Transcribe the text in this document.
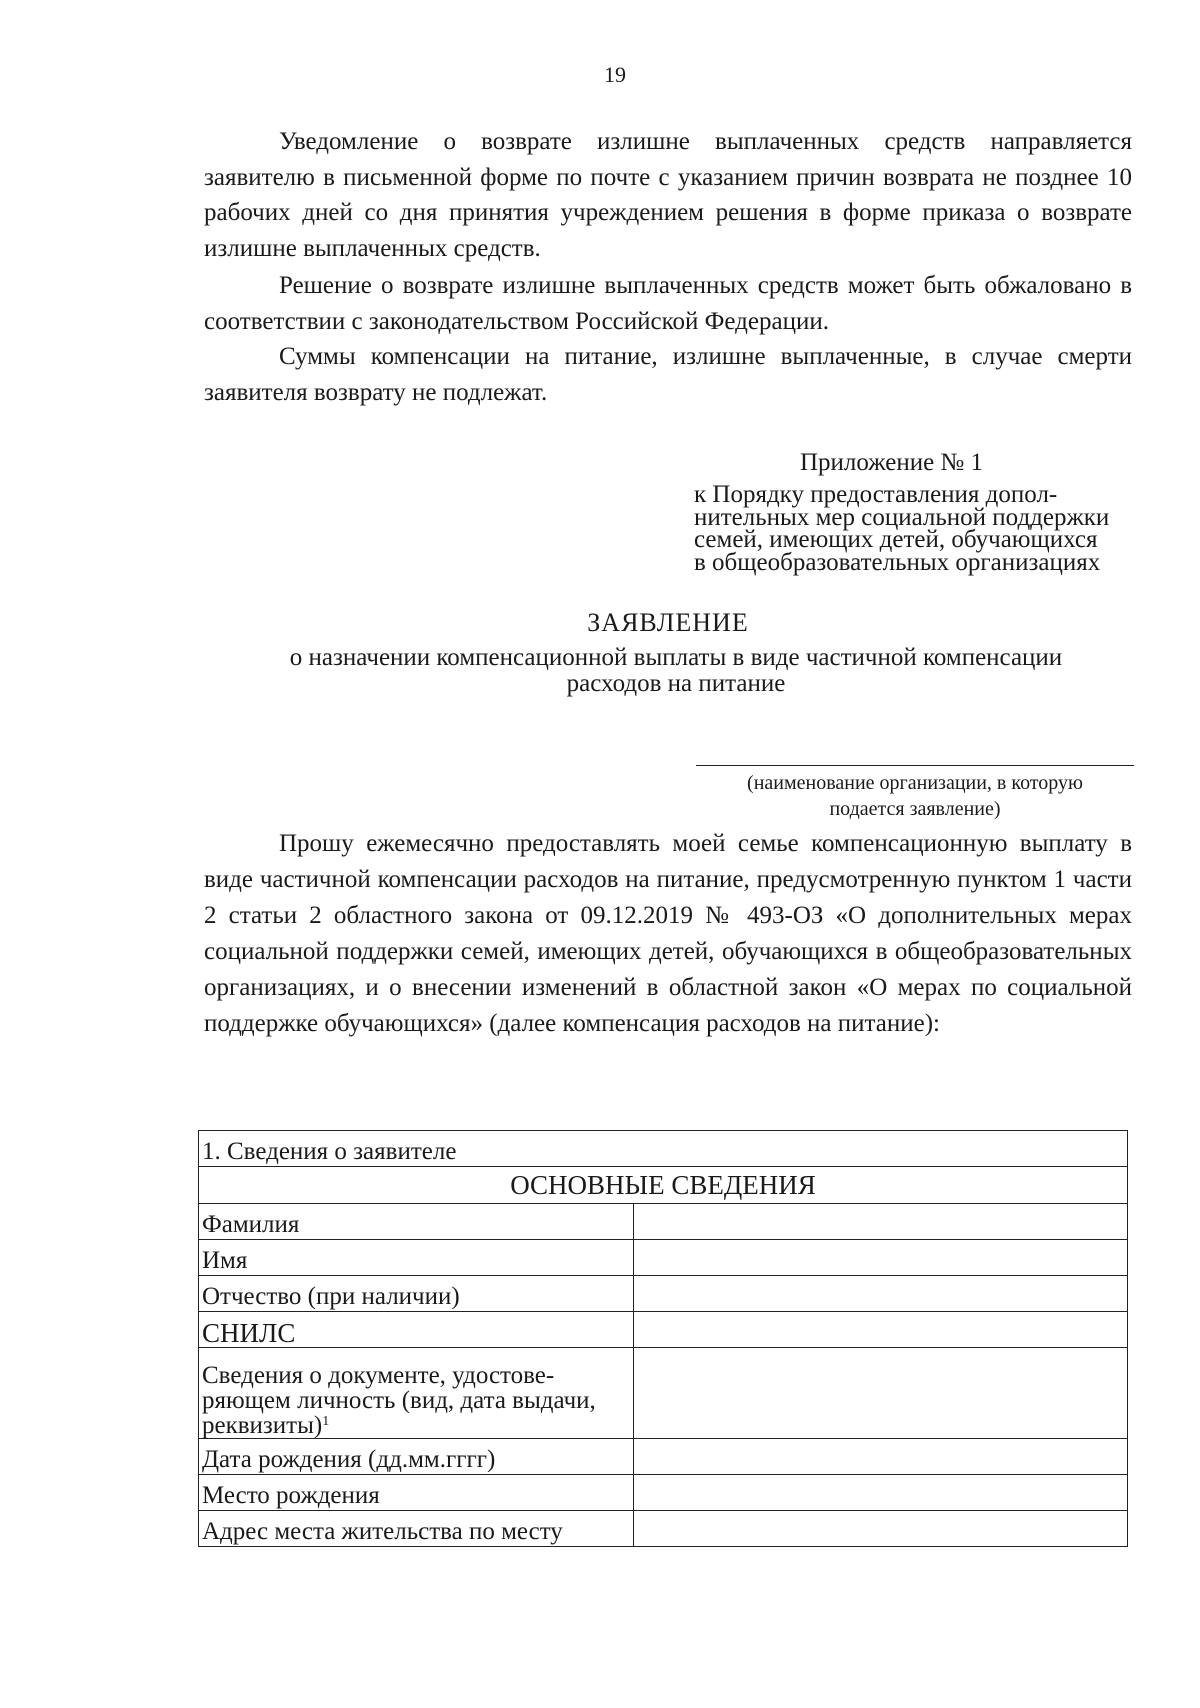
19

Уведомление о возврате излишне выплаченных средств направляется заявителю в письменной форме по почте с указанием причин возврата не позднее 10 рабочих дней со дня принятия учреждением решения в форме приказа о возврате излишне выплаченных средств.

Решение о возврате излишне выплаченных средств может быть обжаловано в соответствии с законодательством Российской Федерации.

Суммы компенсации на питание, излишне выплаченные, в случае смерти заявителя возврату не подлежат.

Приложение № 1
к Порядку предоставления допол-
нительных мер социальной поддержки
семей, имеющих детей, обучающихся
в общеобразовательных организациях
ЗАЯВЛЕНИЕ
о назначении компенсационной выплаты в виде частичной компенсации
расходов на питание
(наименование организации, в которую
подается заявление)

Прошу ежемесячно предоставлять моей семье компенсационную выплату в виде частичной компенсации расходов на питание, предусмотренную пунктом 1 части 2 статьи 2 областного закона от 09.12.2019 № 493-ОЗ «О дополнительных мерах социальной поддержки семей, имеющих детей, обучающихся в общеобразовательных организациях, и о внесении изменений в областной закон «О мерах по социальной поддержке обучающихся» (далее компенсация расходов на питание):

1. Сведения о заявителе	
ОСНОВНЫЕ СВЕДЕНИЯ	
Фамилия	
Имя	
Отчество (при наличии)	
СНИЛС	

Сведения о документе, удостове-
ряющем личность (вид, дата выдачи,
реквизиты)$^1$

Дата рождения (дд.мм.гггг)	
Место рождения	
Адрес места жительства по месту	
